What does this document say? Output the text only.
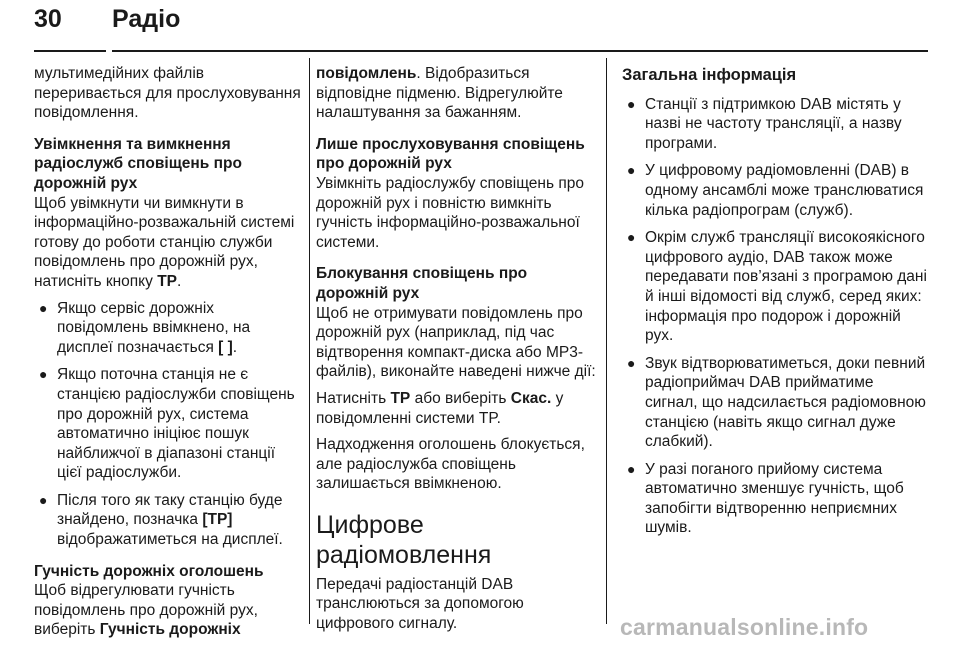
30 Радіо

мультимедійних файлів переривається для прослуховування повідомлення.

Увімкнення та вимкнення радіослужб сповіщень про дорожній рух

Щоб увімкнути чи вимкнути в інформаційно-розважальній системі готову до роботи станцію служби повідомлень про дорожній рух, натисніть кнопку TP.

● Якщо сервіс дорожніх повідомлень ввімкнено, на дисплеї позначається [ ].
● Якщо поточна станція не є станцією радіослужби сповіщень про дорожній рух, система автоматично ініціює пошук найближчої в діапазоні станції цієї радіослужби.
● Після того як таку станцію буде знайдено, позначка [TP] відображатиметься на дисплеї.

Гучність дорожніх оголошень

Щоб відрегулювати гучність повідомлень про дорожній рух, виберіть Гучність дорожніх

повідомлень. Відобразиться відповідне підменю. Відрегулюйте налаштування за бажанням.

Лише прослуховування сповіщень про дорожній рух

Увімкніть радіослужбу сповіщень про дорожній рух і повністю вимкніть гучність інформаційно-розважальної системи.

Блокування сповіщень про дорожній рух

Щоб не отримувати повідомлень про дорожній рух (наприклад, під час відтворення компакт-диска або MP3-файлів), виконайте наведені нижче дії:

Натисніть TP або виберіть Скас. у повідомленні системи TP.

Надходження оголошень блокується, але радіослужба сповіщень залишається ввімкненою.

Цифрове радіомовлення

Передачі радіостанцій DAB транслюються за допомогою цифрового сигналу.

Загальна інформація

● Станції з підтримкою DAB містять у назві не частоту трансляції, а назву програми.
● У цифровому радіомовленні (DAB) в одному ансамблі може транслюватися кілька радіопрограм (служб).
● Окрім служб трансляції високоякісного цифрового аудіо, DAB також може передавати пов’язані з програмою дані й інші відомості від служб, серед яких: інформація про подорож і дорожній рух.
● Звук відтворюватиметься, доки певний радіоприймач DAB прийматиме сигнал, що надсилається радіомовною станцією (навіть якщо сигнал дуже слабкий).
● У разі поганого прийому система автоматично зменшує гучність, щоб запобігти відтворенню неприємних шумів.
carmanualsonline.info
